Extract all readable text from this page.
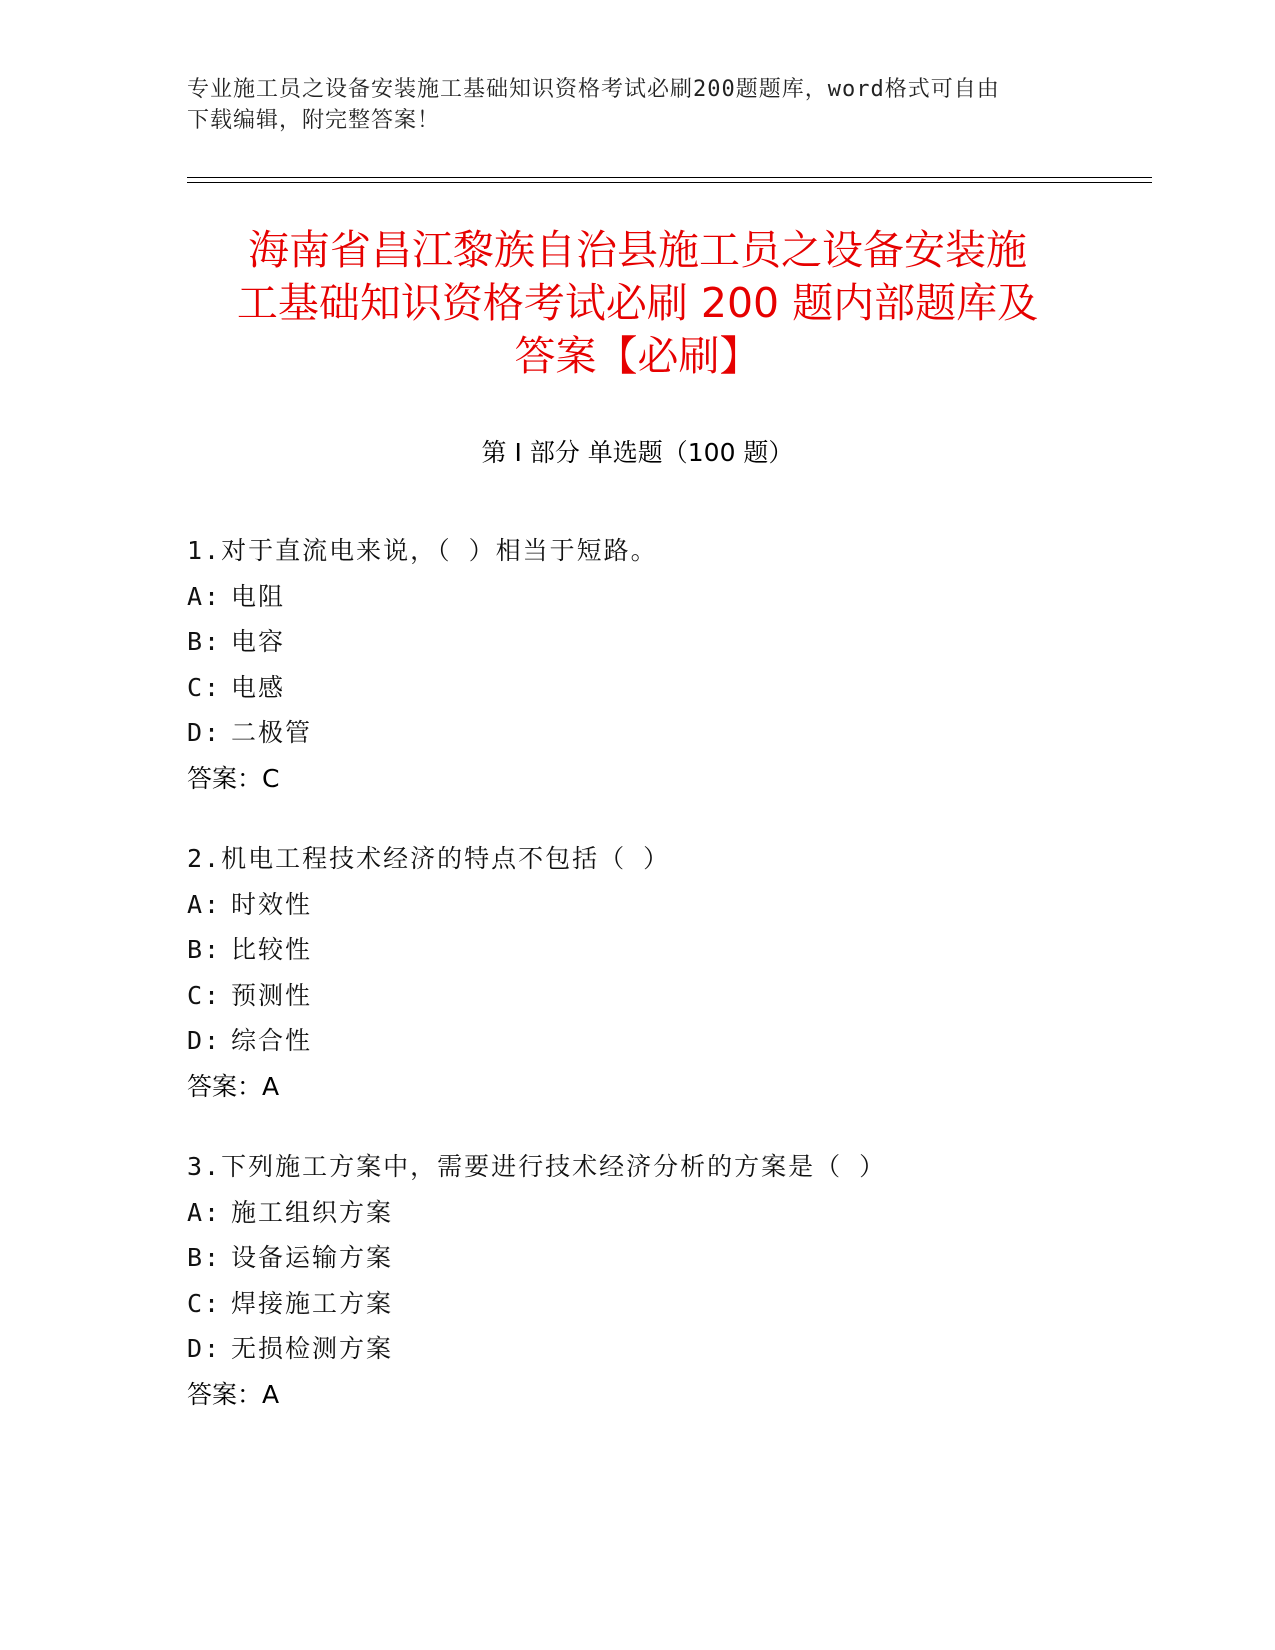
专业施工员之设备安装施工基础知识资格考试必刷200题题库，word格式可自由
下载编辑，附完整答案！
海南省昌江黎族自治县施工员之设备安装施
工基础知识资格考试必刷 200 题内部题库及
答案【必刷】
第 I 部分 单选题（100 题）
1.对于直流电来说，（ ）相当于短路。
A: 电阻
B: 电容
C: 电感
D: 二极管
答案：C
2.机电工程技术经济的特点不包括（ ）
A: 时效性
B: 比较性
C: 预测性
D: 综合性
答案：A
3.下列施工方案中，需要进行技术经济分析的方案是（ ）
A: 施工组织方案
B: 设备运输方案
C: 焊接施工方案
D: 无损检测方案
答案：A
